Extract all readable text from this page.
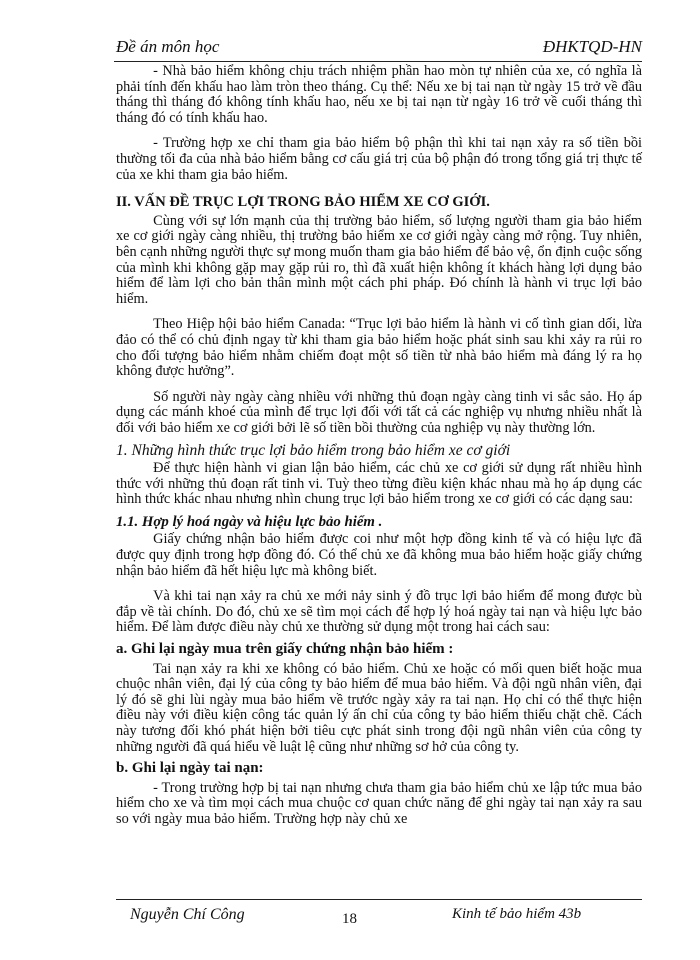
Đề án môn học	ĐHKTQD-HN

- Nhà bảo hiểm không chịu trách nhiệm phần hao mòn tự nhiên của xe, có nghĩa là phải tính đến khấu hao làm tròn theo tháng. Cụ thể: Nếu xe bị tai nạn từ ngày 15 trở về đầu tháng thì tháng đó không tính khấu hao, nếu xe bị tai nạn từ ngày 16 trở về cuối tháng thì tháng đó có tính khấu hao.

- Trường hợp xe chỉ tham gia bảo hiểm bộ phận thì khi tai nạn xảy ra số tiền bồi thường tối đa của nhà bảo hiểm bằng cơ cấu giá trị của bộ phận đó trong tổng giá trị thực tế của xe khi tham gia bảo hiểm.

II. VẤN ĐỀ TRỤC LỢI TRONG BẢO HIỂM XE CƠ GIỚI.

Cùng với sự lớn mạnh của thị trường bảo hiểm, số lượng người tham gia bảo hiểm xe cơ giới ngày càng nhiều, thị trường bảo hiểm xe cơ giới ngày càng mở rộng. Tuy nhiên, bên cạnh những người thực sự mong muốn tham gia bảo hiểm để bảo vệ, ổn định cuộc sống của mình khi không gặp may gặp rủi ro, thì đã xuất hiện không ít khách hàng lợi dụng bảo hiểm để làm lợi cho bản thân mình một cách phi pháp. Đó chính là hành vi trục lợi bảo hiểm.

Theo Hiệp hội bảo hiểm Canada: “Trục lợi bảo hiểm là hành vi cố tình gian dối, lừa đảo có thể có chủ định ngay từ khi tham gia bảo hiểm hoặc phát sinh sau khi xảy ra rủi ro cho đối tượng bảo hiểm nhằm chiếm đoạt một số tiền từ nhà bảo hiểm mà đáng lý ra họ không được hưởng”.

Số người này ngày càng nhiều với những thủ đoạn ngày càng tinh vi sắc sảo. Họ áp dụng các mánh khoé của mình để trục lợi đối với tất cả các nghiệp vụ nhưng nhiều nhất là đối với bảo hiểm xe cơ giới bởi lẽ số tiền bồi thường của nghiệp vụ này thường lớn.

1. Những hình thức trục lợi bảo hiểm trong bảo hiểm xe cơ giới

Để thực hiện hành vi gian lận bảo hiểm, các chủ xe cơ giới sử dụng rất nhiều hình thức với những thủ đoạn rất tinh vi. Tuỳ theo từng điều kiện khác nhau mà họ áp dụng các hình thức khác nhau nhưng nhìn chung trục lợi bảo hiểm trong xe cơ giới có các dạng sau:

1.1. Hợp lý hoá ngày và hiệu lực bảo hiểm .

Giấy chứng nhận bảo hiểm được coi như một hợp đồng kinh tế và có hiệu lực đã được quy định trong hợp đồng đó. Có thể chủ xe đã không mua bảo hiểm hoặc giấy chứng nhận bảo hiểm đã hết hiệu lực mà không biết.

Và khi tai nạn xảy ra chủ xe mới nảy sinh ý đồ trục lợi bảo hiểm để mong được bù đắp về tài chính. Do đó, chủ xe sẽ tìm mọi cách để hợp lý hoá ngày tai nạn và hiệu lực bảo hiểm. Để làm được điều này chủ xe thường sử dụng một trong hai cách sau:

a. Ghi lại ngày mua trên giấy chứng nhận bảo hiểm :

Tai nạn xảy ra khi xe không có bảo hiểm. Chủ xe hoặc có mối quen biết hoặc mua chuộc nhân viên, đại lý của công ty bảo hiểm để mua bảo hiểm. Và đội ngũ nhân viên, đại lý đó sẽ ghi lùi ngày mua bảo hiểm về trước ngày xảy ra tai nạn. Họ chỉ có thể thực hiện điều này với điều kiện công tác quản lý ấn chỉ của công ty bảo hiểm thiếu chặt chẽ. Cách này tương đối khó phát hiện bởi tiêu cực phát sinh trong đội ngũ nhân viên của công ty những người đã quá hiểu về luật lệ cũng như những sơ hở của công ty.

b. Ghi lại ngày tai nạn:

- Trong trường hợp bị tai nạn nhưng chưa tham gia bảo hiểm chủ xe lập tức mua bảo hiểm cho xe và tìm mọi cách mua chuộc cơ quan chức năng để ghi ngày tai nạn xảy ra sau so với ngày mua bảo hiểm. Trường hợp này chủ xe

Nguyễn Chí Công	18	Kinh tế bảo hiểm 43b
